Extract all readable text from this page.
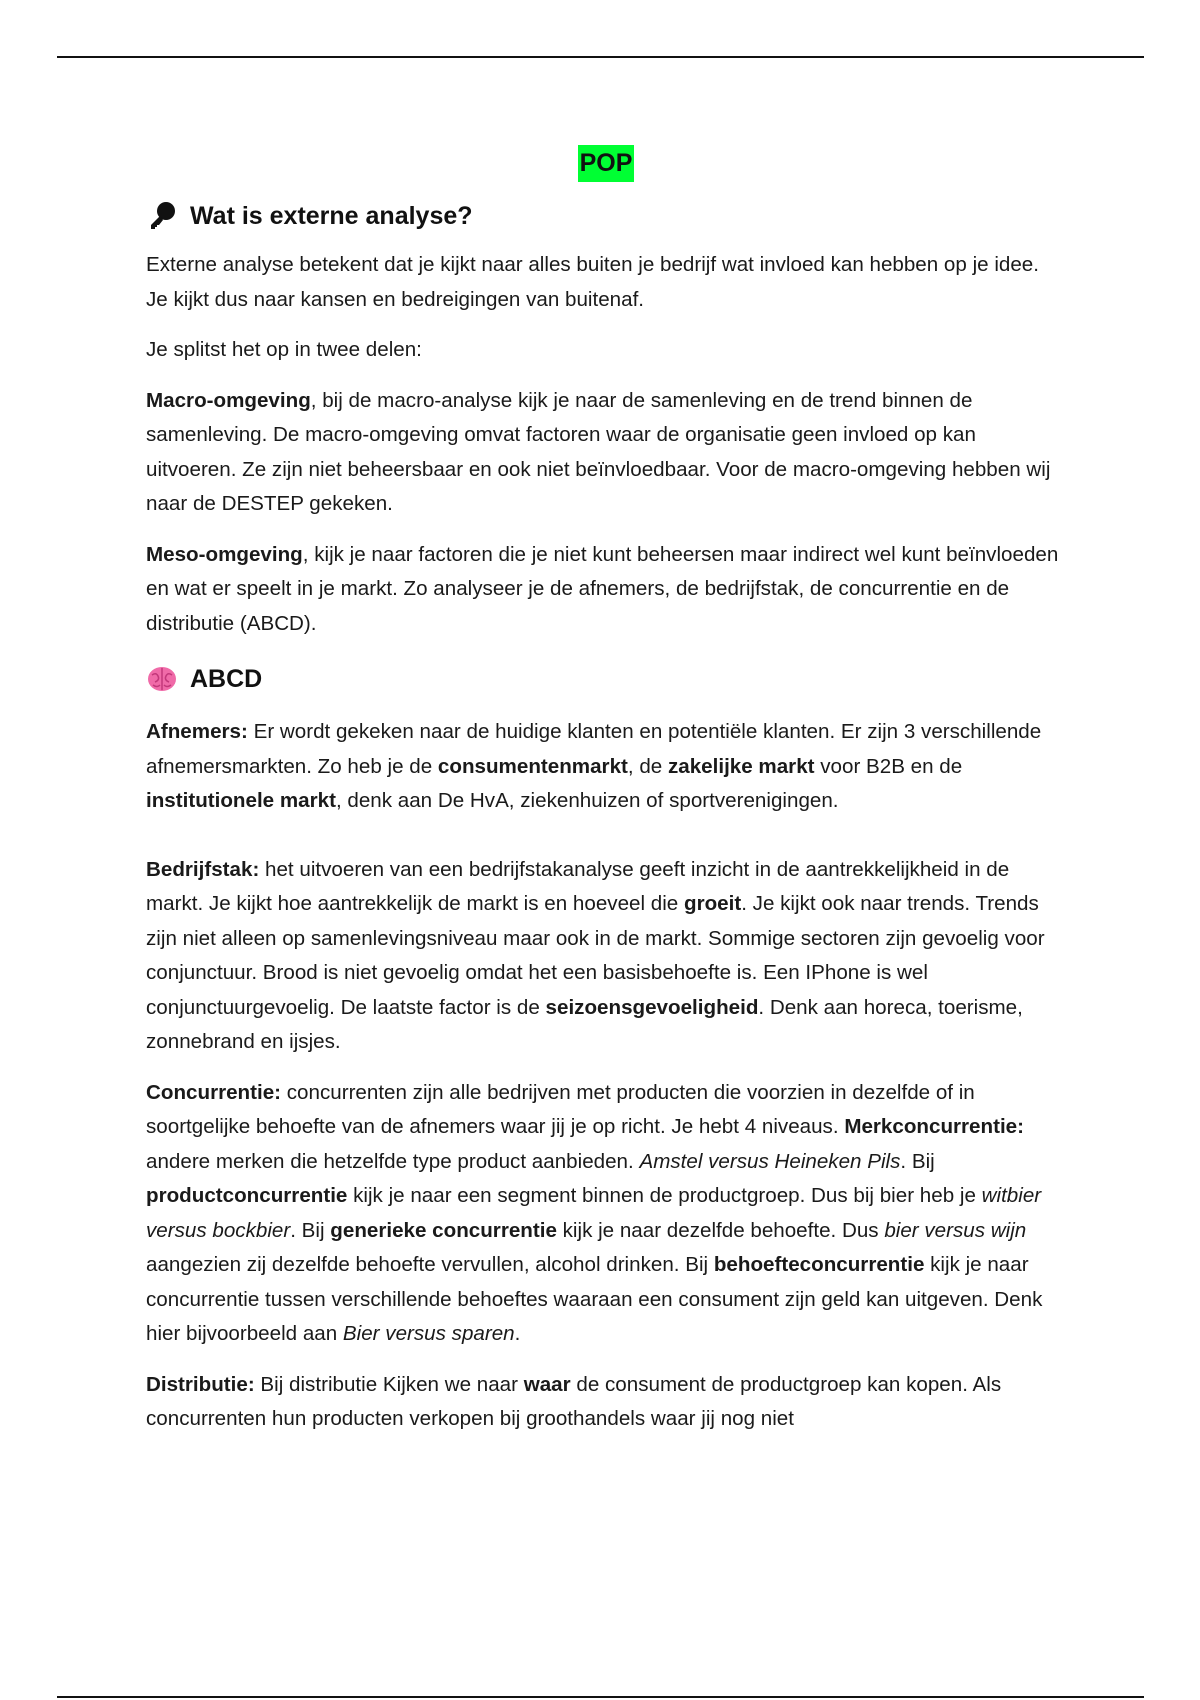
POP
Wat is externe analyse?

Externe analyse betekent dat je kijkt naar alles buiten je bedrijf wat invloed kan hebben op je idee. Je kijkt dus naar kansen en bedreigingen van buitenaf.

Je splitst het op in twee delen:

Macro-omgeving, bij de macro-analyse kijk je naar de samenleving en de trend binnen de samenleving. De macro-omgeving omvat factoren waar de organisatie geen invloed op kan uitvoeren. Ze zijn niet beheersbaar en ook niet beïnvloedbaar. Voor de macro-omgeving hebben wij naar de DESTEP gekeken.

Meso-omgeving, kijk je naar factoren die je niet kunt beheersen maar indirect wel kunt beïnvloeden en wat er speelt in je markt. Zo analyseer je de afnemers, de bedrijfstak, de concurrentie en de distributie (ABCD).

ABCD

Afnemers: Er wordt gekeken naar de huidige klanten en potentiële klanten. Er zijn 3 verschillende afnemersmarkten. Zo heb je de consumentenmarkt, de zakelijke markt voor B2B en de institutionele markt, denk aan De HvA, ziekenhuizen of sportverenigingen.

Bedrijfstak: het uitvoeren van een bedrijfstakanalyse geeft inzicht in de aantrekkelijkheid in de markt. Je kijkt hoe aantrekkelijk de markt is en hoeveel die groeit. Je kijkt ook naar trends. Trends zijn niet alleen op samenlevingsniveau maar ook in de markt. Sommige sectoren zijn gevoelig voor conjunctuur. Brood is niet gevoelig omdat het een basisbehoefte is. Een IPhone is wel conjunctuurgevoelig. De laatste factor is de seizoensgevoeligheid. Denk aan horeca, toerisme, zonnebrand en ijsjes.

Concurrentie: concurrenten zijn alle bedrijven met producten die voorzien in dezelfde of in soortgelijke behoefte van de afnemers waar jij je op richt. Je hebt 4 niveaus. Merkconcurrentie: andere merken die hetzelfde type product aanbieden. Amstel versus Heineken Pils. Bij productconcurrentie kijk je naar een segment binnen de productgroep. Dus bij bier heb je witbier versus bockbier. Bij generieke concurrentie kijk je naar dezelfde behoefte. Dus bier versus wijn aangezien zij dezelfde behoefte vervullen, alcohol drinken. Bij behoefteconcurrentie kijk je naar concurrentie tussen verschillende behoeftes waaraan een consument zijn geld kan uitgeven. Denk hier bijvoorbeeld aan Bier versus sparen.

Distributie: Bij distributie Kijken we naar waar de consument de productgroep kan kopen. Als concurrenten hun producten verkopen bij groothandels waar jij nog niet
